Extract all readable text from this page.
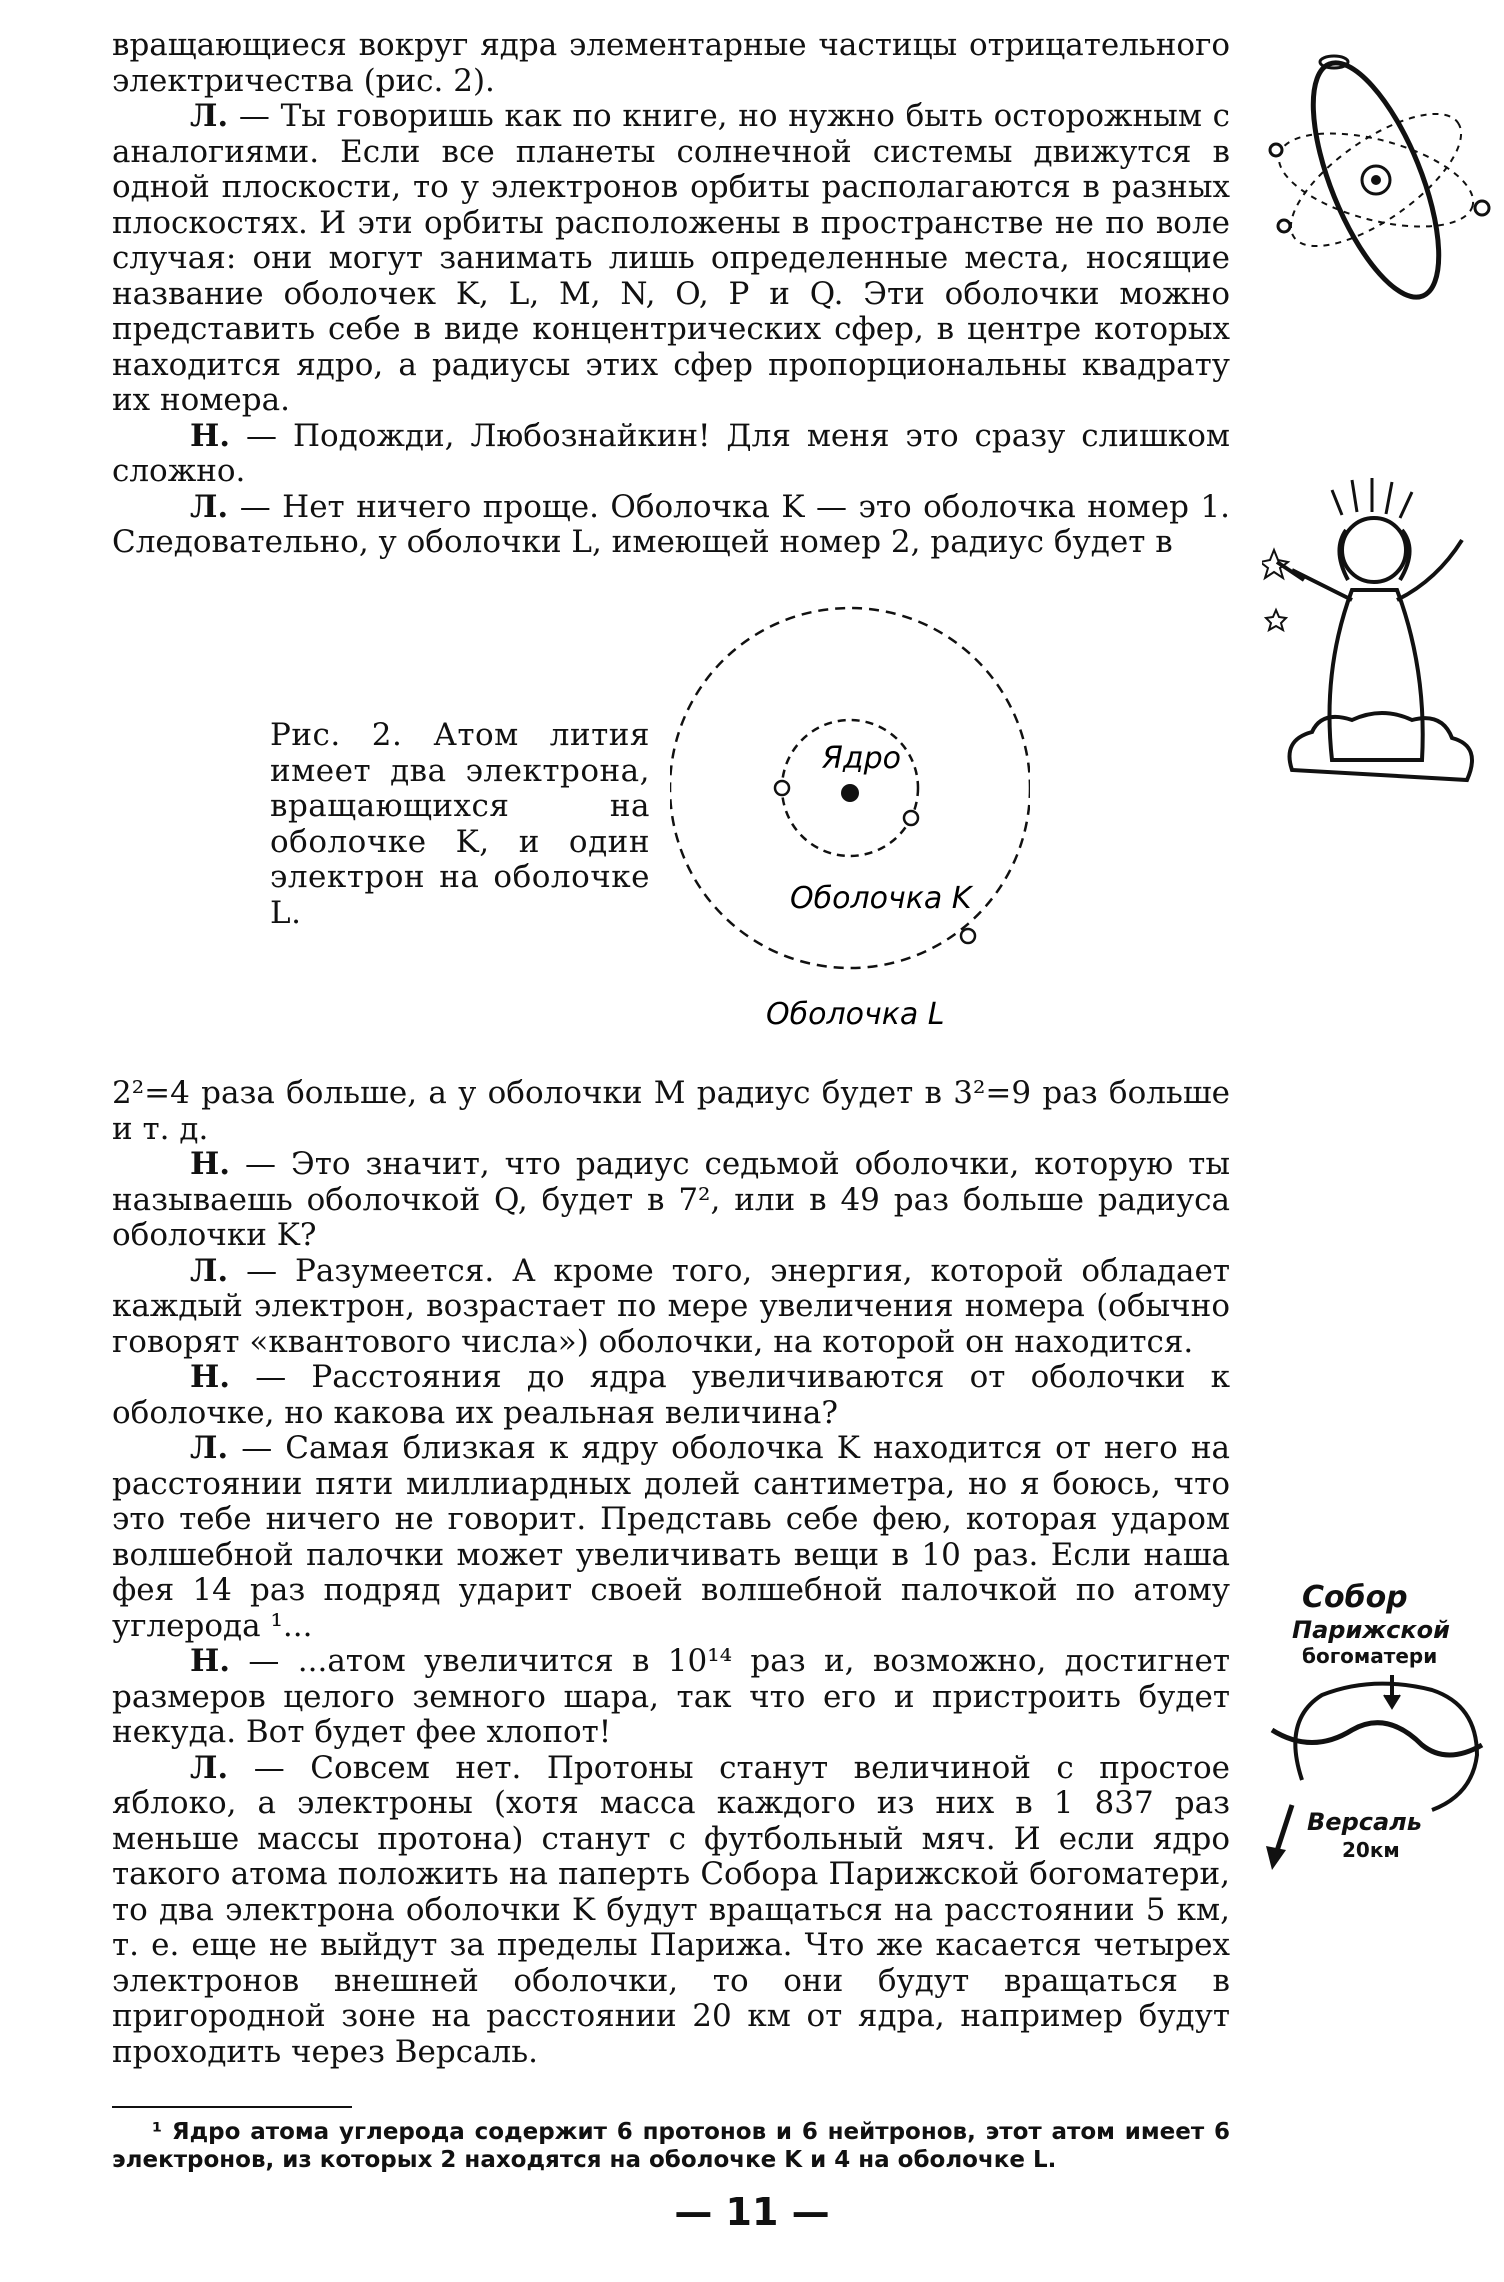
вращающиеся вокруг ядра элементарные частицы отрицательного электричества (рис. 2).

Л. — Ты говоришь как по книге, но нужно быть осторожным с аналогиями. Если все планеты солнечной системы движутся в одной плоскости, то у электронов орбиты располагаются в разных плоскостях. И эти орбиты расположены в пространстве не по воле случая: они могут занимать лишь определенные места, носящие название оболочек K, L, M, N, O, P и Q. Эти оболочки можно представить себе в виде концентрических сфер, в центре которых находится ядро, а радиусы этих сфер пропорциональны квадрату их номера.

Н. — Подожди, Любознайкин! Для меня это сразу слишком сложно.

Л. — Нет ничего проще. Оболочка K — это оболочка номер 1. Следовательно, у оболочки L, имеющей номер 2, радиус будет в

Рис. 2. Атом лития имеет два электрона, вращающихся на оболочке K, и один электрон на оболочке L.
Ядро
Оболочка K
Оболочка L

2²=4 раза больше, а у оболочки M радиус будет в 3²=9 раз больше и т. д.

Н. — Это значит, что радиус седьмой оболочки, которую ты называешь оболочкой Q, будет в 7², или в 49 раз больше радиуса оболочки K?

Л. — Разумеется. А кроме того, энергия, которой обладает каждый электрон, возрастает по мере увеличения номера (обычно говорят «квантового числа») оболочки, на которой он находится.

Н. — Расстояния до ядра увеличиваются от оболочки к оболочке, но какова их реальная величина?

Л. — Самая близкая к ядру оболочка K находится от него на расстоянии пяти миллиардных долей сантиметра, но я боюсь, что это тебе ничего не говорит. Представь себе фею, которая ударом волшебной палочки может увеличивать вещи в 10 раз. Если наша фея 14 раз подряд ударит своей волшебной палочкой по атому углерода ¹...

Н. — ...атом увеличится в 10¹⁴ раз и, возможно, достигнет размеров целого земного шара, так что его и пристроить будет некуда. Вот будет фее хлопот!

Л. — Совсем нет. Протоны станут величиной с простое яблоко, а электроны (хотя масса каждого из них в 1 837 раз меньше массы протона) станут с футбольный мяч. И если ядро такого атома положить на паперть Собора Парижской богоматери, то два электрона оболочки K будут вращаться на расстоянии 5 км, т. е. еще не выйдут за пределы Парижа. Что же касается четырех электронов внешней оболочки, то они будут вращаться в пригородной зоне на расстоянии 20 км от ядра, например будут проходить через Версаль.

Собор
Парижской
богоматери
Версаль
20км

¹ Ядро атома углерода содержит 6 протонов и 6 нейтронов, этот атом имеет 6 электронов, из которых 2 находятся на оболочке K и 4 на оболочке L.

— 11 —
